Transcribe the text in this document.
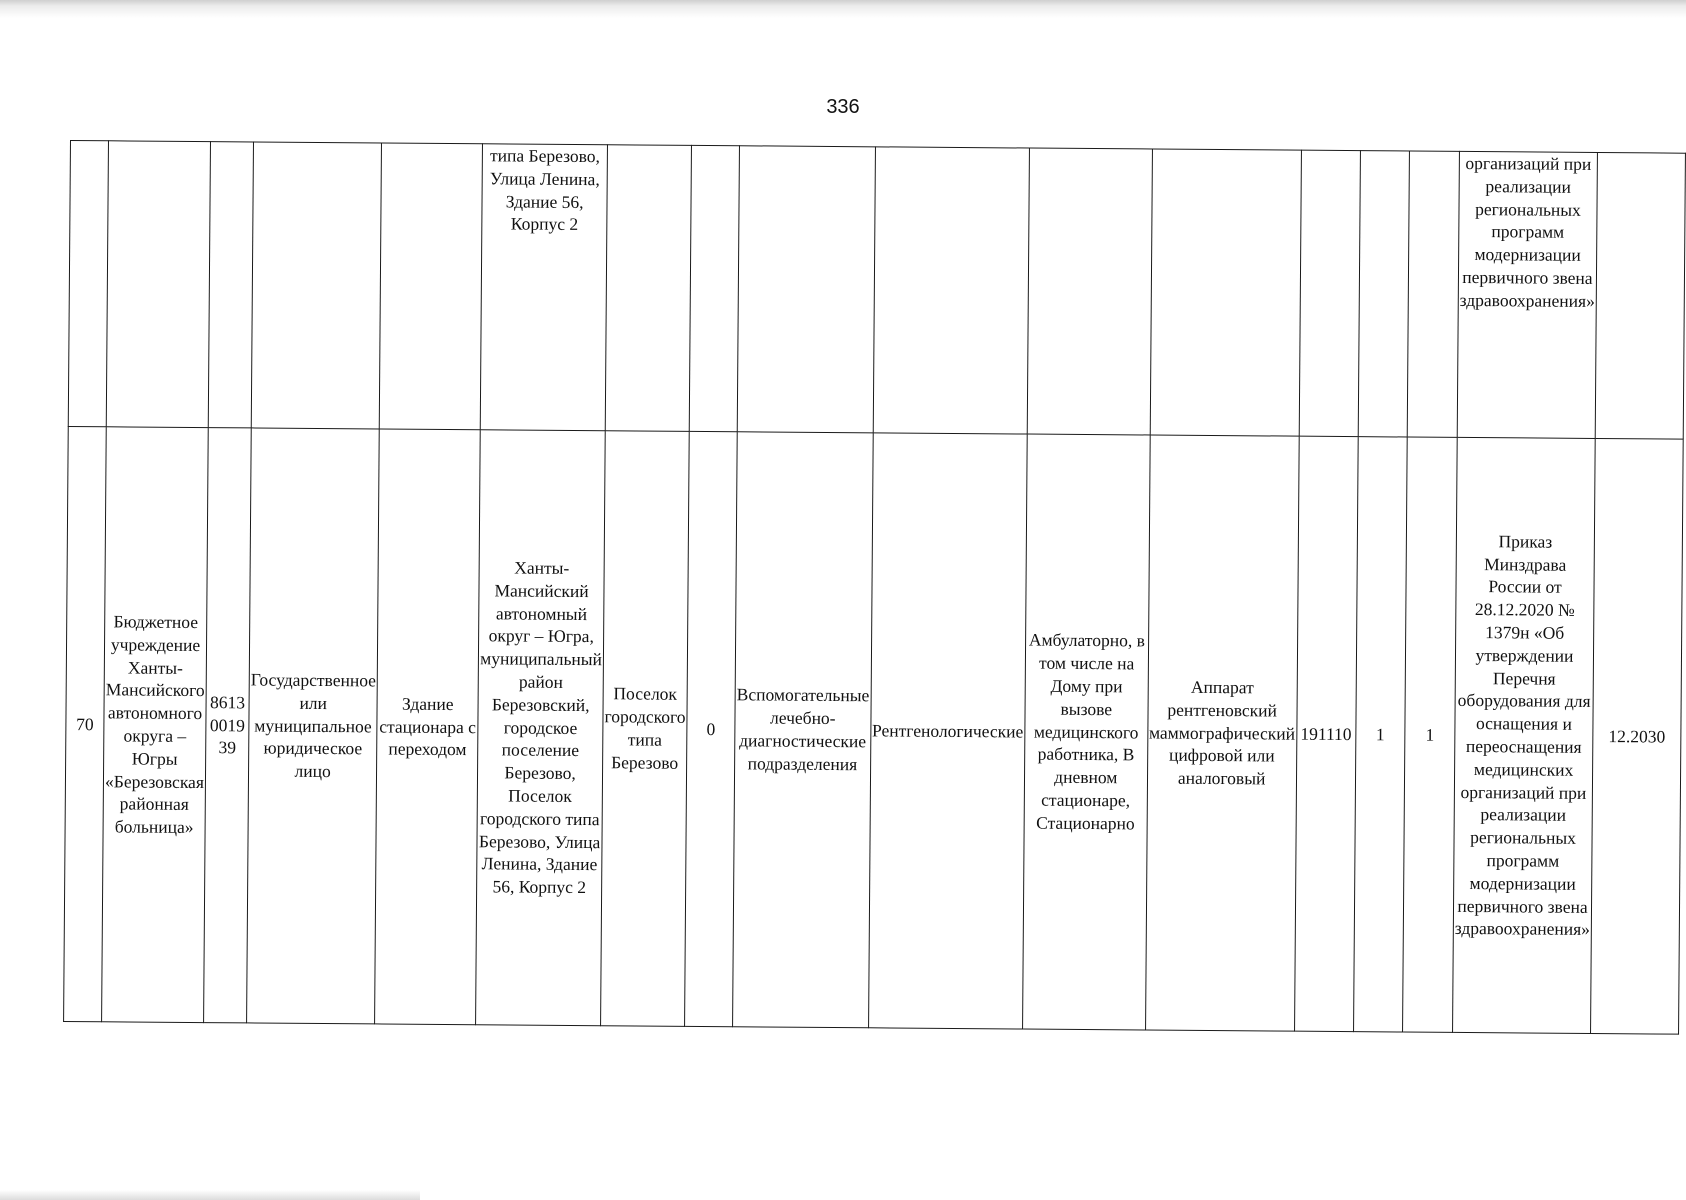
336
					типа Березово, Улица Ленина, Здание 56, Корпус 2										организаций при реализации региональных программ модернизации первичного звена здравоохранения»	
70	Бюджетное учреждение Ханты-Мансийского автономного округа – Югры «Березовская районная больница»	8613001939	Государственное или муниципальное юридическое лицо	Здание стационара с переходом	Ханты-Мансийский автономный округ – Югра, муниципальный район Березовский, городское поселение Березово, Поселок городского типа Березово, Улица Ленина, Здание 56, Корпус 2	Поселок городского типа Березово	0	Вспомогательные лечебно-диагностические подразделения	Рентгенологические	Амбулаторно, в том числе на Дому при вызове медицинского работника, В дневном стационаре, Стационарно	Аппарат рентгеновский маммографический цифровой или аналоговый	191110	1	1	Приказ Минздрава России от 28.12.2020 № 1379н «Об утверждении Перечня оборудования для оснащения и переоснащения медицинских организаций при реализации региональных программ модернизации первичного звена здравоохранения»	12.2030
